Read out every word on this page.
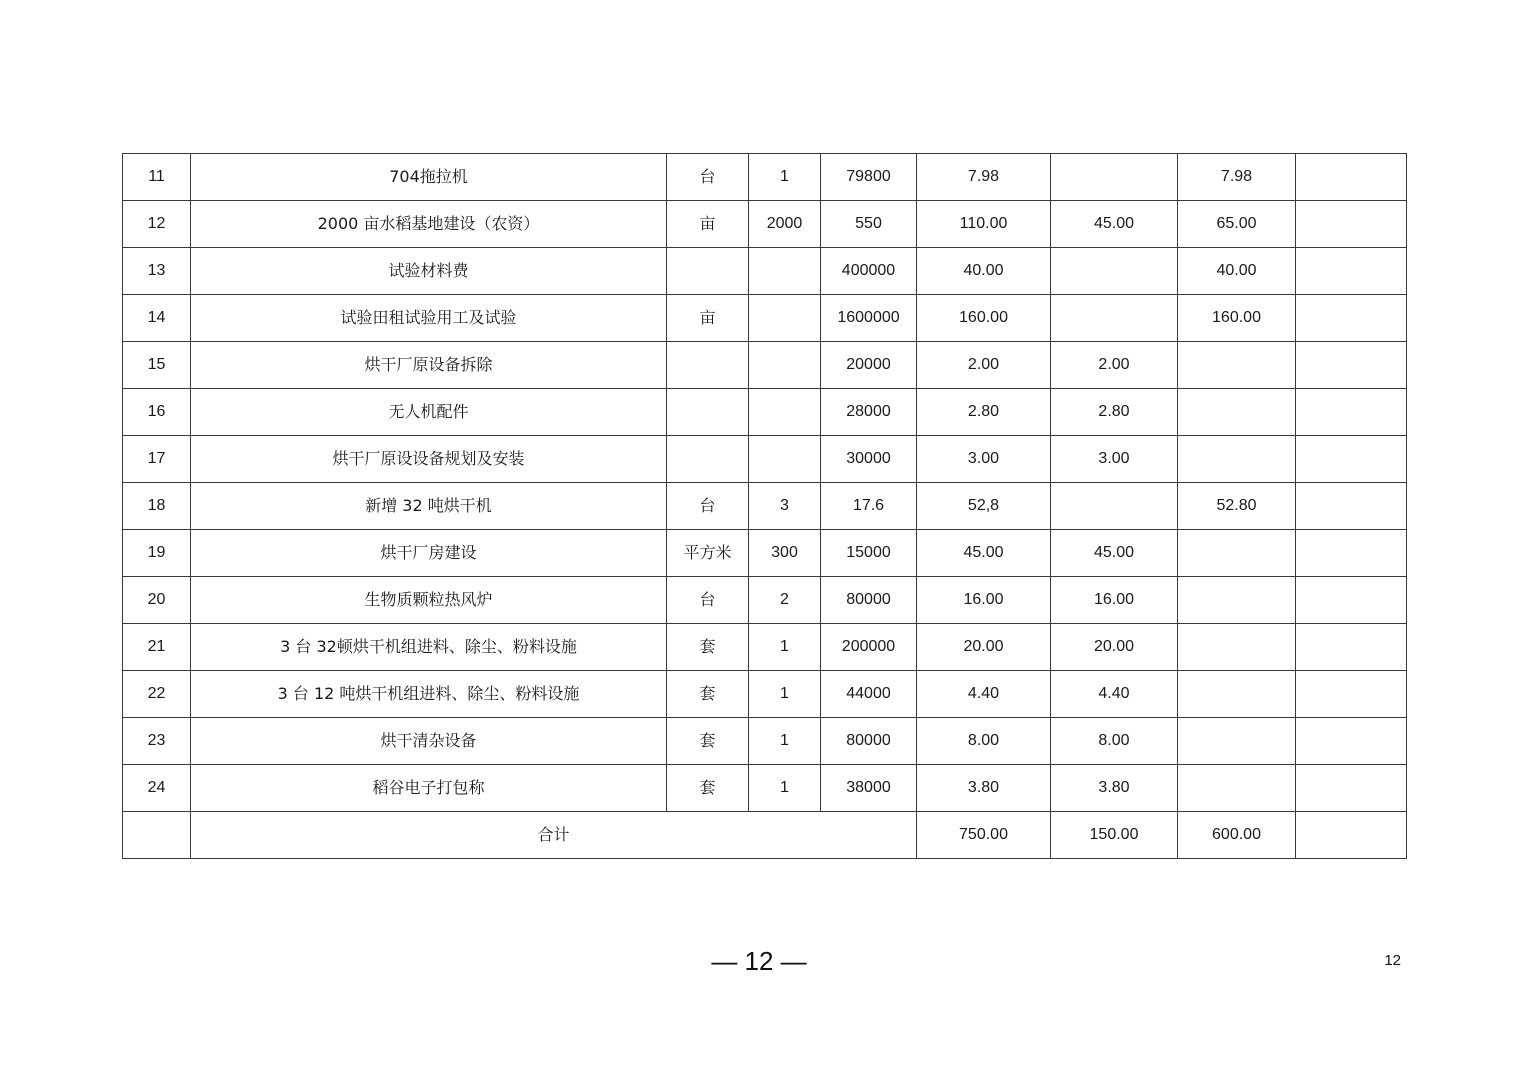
11	704拖拉机	台	1	79800	7.98		7.98	
12	2000 亩水稻基地建设（农资）	亩	2000	550	110.00	45.00	65.00	
13	试验材料费			400000	40.00		40.00	
14	试验田租试验用工及试验	亩		1600000	160.00		160.00	
15	烘干厂原设备拆除			20000	2.00	2.00		
16	无人机配件			28000	2.80	2.80		
17	烘干厂原设设备规划及安装			30000	3.00	3.00		
18	新增 32 吨烘干机	台	3	17.6	52,8		52.80	
19	烘干厂房建设	平方米	300	15000	45.00	45.00		
20	生物质颗粒热风炉	台	2	80000	16.00	16.00		
21	3 台 32顿烘干机组进料、除尘、粉料设施	套	1	200000	20.00	20.00		
22	3 台 12 吨烘干机组进料、除尘、粉料设施	套	1	44000	4.40	4.40		
23	烘干清杂设备	套	1	80000	8.00	8.00		
24	稻谷电子打包称	套	1	38000	3.80	3.80		
	合计				750.00	150.00	600.00	
— 12 —	12
